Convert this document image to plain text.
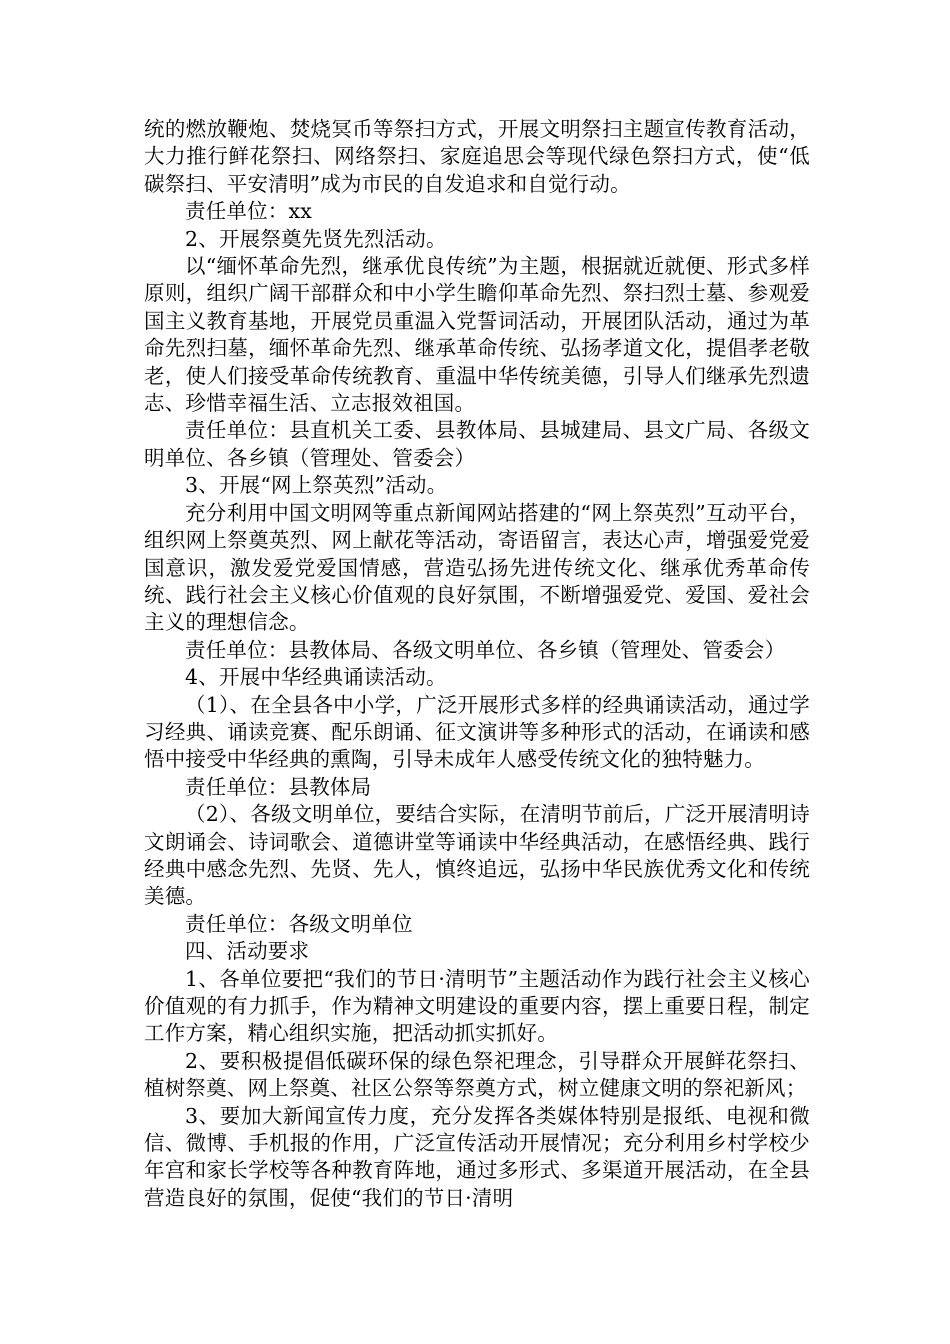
统的燃放鞭炮、焚烧冥币等祭扫方式，开展文明祭扫主题宣传教育活动，大力推行鲜花祭扫、网络祭扫、家庭追思会等现代绿色祭扫方式，使“低碳祭扫、平安清明”成为市民的自发追求和自觉行动。

责任单位：xx

2、开展祭奠先贤先烈活动。

以“缅怀革命先烈，继承优良传统”为主题，根据就近就便、形式多样原则，组织广阔干部群众和中小学生瞻仰革命先烈、祭扫烈士墓、参观爱国主义教育基地，开展党员重温入党誓词活动，开展团队活动，通过为革命先烈扫墓，缅怀革命先烈、继承革命传统、弘扬孝道文化，提倡孝老敬老，使人们接受革命传统教育、重温中华传统美德，引导人们继承先烈遗志、珍惜幸福生活、立志报效祖国。

责任单位：县直机关工委、县教体局、县城建局、县文广局、各级文明单位、各乡镇（管理处、管委会）

3、开展“网上祭英烈”活动。

充分利用中国文明网等重点新闻网站搭建的“网上祭英烈”互动平台，组织网上祭奠英烈、网上献花等活动，寄语留言，表达心声，增强爱党爱国意识，激发爱党爱国情感，营造弘扬先进传统文化、继承优秀革命传统、践行社会主义核心价值观的良好氛围，不断增强爱党、爱国、爱社会主义的理想信念。

责任单位：县教体局、各级文明单位、各乡镇（管理处、管委会）

4、开展中华经典诵读活动。

（1）、在全县各中小学，广泛开展形式多样的经典诵读活动，通过学习经典、诵读竞赛、配乐朗诵、征文演讲等多种形式的活动，在诵读和感悟中接受中华经典的熏陶，引导未成年人感受传统文化的独特魅力。

责任单位：县教体局

（2）、各级文明单位，要结合实际，在清明节前后，广泛开展清明诗文朗诵会、诗词歌会、道德讲堂等诵读中华经典活动，在感悟经典、践行经典中感念先烈、先贤、先人，慎终追远，弘扬中华民族优秀文化和传统美德。

责任单位：各级文明单位

四、活动要求

1、各单位要把“我们的节日·清明节”主题活动作为践行社会主义核心价值观的有力抓手，作为精神文明建设的重要内容，摆上重要日程，制定工作方案，精心组织实施，把活动抓实抓好。

2、要积极提倡低碳环保的绿色祭祀理念，引导群众开展鲜花祭扫、植树祭奠、网上祭奠、社区公祭等祭奠方式，树立健康文明的祭祀新风；

3、要加大新闻宣传力度，充分发挥各类媒体特别是报纸、电视和微信、微博、手机报的作用，广泛宣传活动开展情况；充分利用乡村学校少年宫和家长学校等各种教育阵地，通过多形式、多渠道开展活动，在全县营造良好的氛围，促使“我们的节日·清明
